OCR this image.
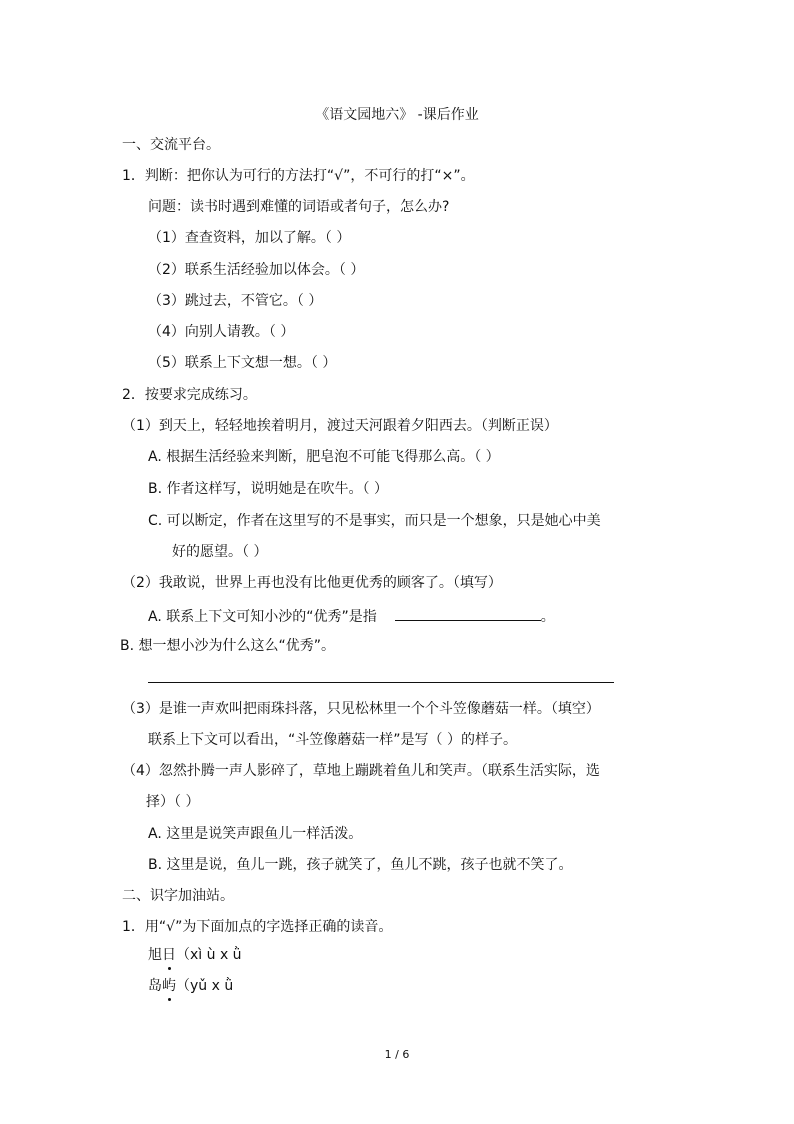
《语文园地六》 -课后作业
一、交流平台。
1．判断：把你认为可行的方法打“√”，不可行的打“×”。
问题：读书时遇到难懂的词语或者句子，怎么办?
（1）查查资料，加以了解。（ ）
（2）联系生活经验加以体会。（ ）
（3）跳过去，不管它。（ ）
（4）向别人请教。（ ）
（5）联系上下文想一想。（ ）
2．按要求完成练习。
（1）到天上，轻轻地挨着明月，渡过天河跟着夕阳西去。（判断正误）
A. 根据生活经验来判断，肥皂泡不可能飞得那么高。（ ）
B. 作者这样写，说明她是在吹牛。（ ）
C. 可以断定，作者在这里写的不是事实，而只是一个想象，只是她心中美
好的愿望。（ ）
（2）我敢说，世界上再也没有比他更优秀的顾客了。（填写）
A. 联系上下文可知小沙的“优秀”是指	。
B. 想一想小沙为什么这么“优秀”。
（3）是谁一声欢叫把雨珠抖落，只见松林里一个个斗笠像蘑菇一样。（填空）
联系上下文可以看出，“斗笠像蘑菇一样”是写（ ）的样子。
（4）忽然扑腾一声人影碎了，草地上蹦跳着鱼儿和笑声。（联系生活实际，选
择）（ ）
A. 这里是说笑声跟鱼儿一样活泼。
B. 这里是说，鱼儿一跳，孩子就笑了，鱼儿不跳，孩子也就不笑了。
二、识字加油站。
1．用“√”为下面加点的字选择正确的读音。
旭日（xì ù x ǜ
岛屿（yǔ x ǜ
1 / 6
